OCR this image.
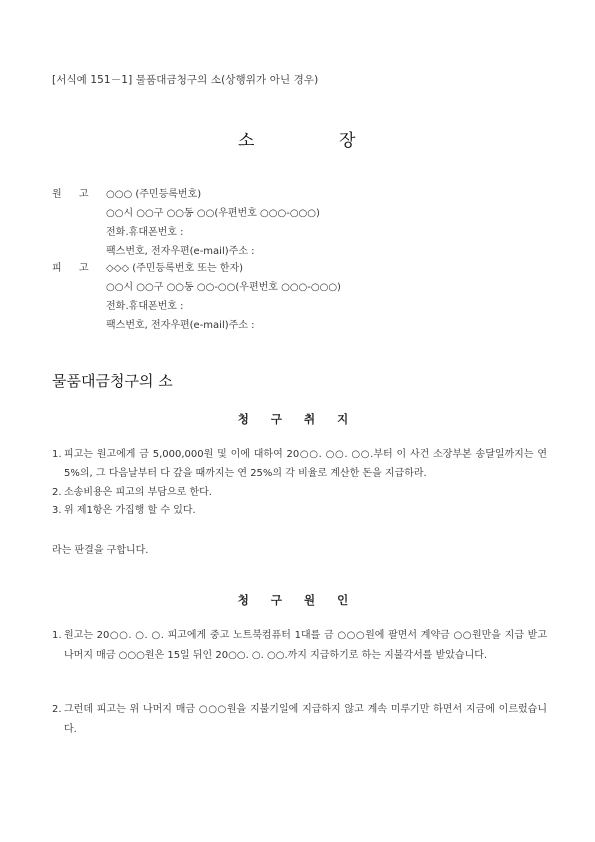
[서식예 151－1] 물품대금청구의 소(상행위가 아닌 경우)
소	장
원 고 ○○○ (주민등록번호)
○○시 ○○구 ○○동 ○○(우편번호 ○○○-○○○)
전화․휴대폰번호 :
팩스번호, 전자우편(e-mail)주소 :
피 고 ◇◇◇ (주민등록번호 또는 한자)
○○시 ○○구 ○○동 ○○-○○(우편번호 ○○○-○○○)
전화․휴대폰번호 :
팩스번호, 전자우편(e-mail)주소 :
물품대금청구의 소
청 구 취 지
1. 피고는 원고에게 금 5,000,000원 및 이에 대하여 20○○. ○○. ○○.부터 이 사건 소장부본 송달일까지는 연 5%의, 그 다음날부터 다 갚을 때까지는 연 25%의 각 비율로 계산한 돈을 지급하라.
2. 소송비용은 피고의 부담으로 한다.
3. 위 제1항은 가집행 할 수 있다.
라는 판결을 구합니다.
청 구 원 인
1. 원고는 20○○. ○. ○. 피고에게 중고 노트북컴퓨터 1대를 금 ○○○원에 팔면서 계약금 ○○원만을 지급 받고 나머지 매금 ○○○원은 15일 뒤인 20○○. ○. ○○.까지 지급하기로 하는 지불각서를 받았습니다.
2. 그런데 피고는 위 나머지 매금 ○○○원을 지불기일에 지급하지 않고 계속 미루기만 하면서 지금에 이르렀습니다.
